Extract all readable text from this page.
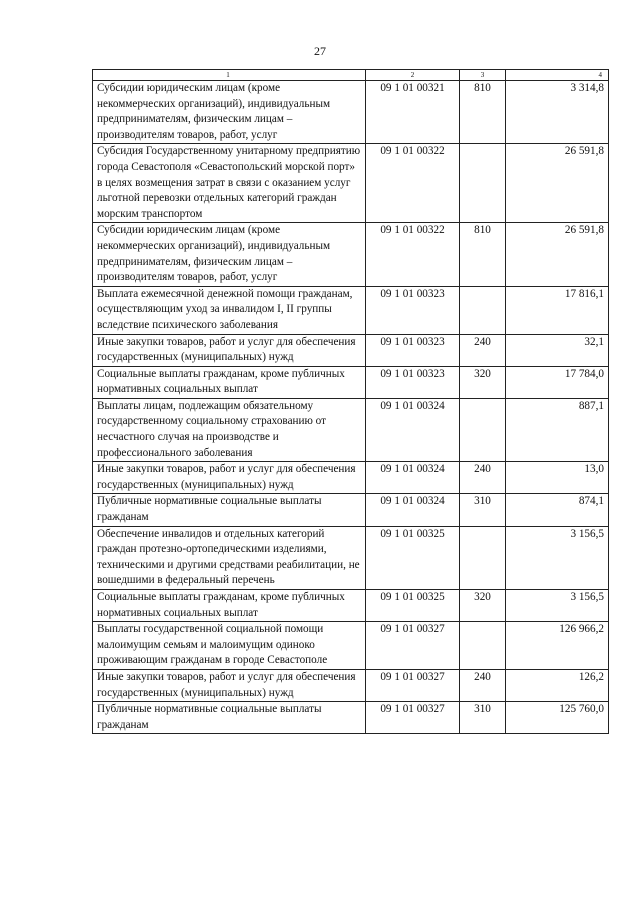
27
1	2	3	4
Субсидии юридическим лицам (кроме некоммерческих организаций), индивидуальным предпринимателям, физическим лицам – производителям товаров, работ, услуг	09 1 01 00321	810	3 314,8
Субсидия Государственному унитарному предприятию города Севастополя «Севастопольский морской порт» в целях возмещения затрат в связи с оказанием услуг льготной перевозки отдельных категорий граждан морским транспортом	09 1 01 00322		26 591,8
Субсидии юридическим лицам (кроме некоммерческих организаций), индивидуальным предпринимателям, физическим лицам – производителям товаров, работ, услуг	09 1 01 00322	810	26 591,8
Выплата ежемесячной денежной помощи гражданам, осуществляющим уход за инвалидом I, II группы вследствие психического заболевания	09 1 01 00323		17 816,1
Иные закупки товаров, работ и услуг для обеспечения государственных (муниципальных) нужд	09 1 01 00323	240	32,1
Социальные выплаты гражданам, кроме публичных нормативных социальных выплат	09 1 01 00323	320	17 784,0
Выплаты лицам, подлежащим обязательному государственному социальному страхованию от несчастного случая на производстве и профессионального заболевания	09 1 01 00324		887,1
Иные закупки товаров, работ и услуг для обеспечения государственных (муниципальных) нужд	09 1 01 00324	240	13,0
Публичные нормативные социальные выплаты гражданам	09 1 01 00324	310	874,1
Обеспечение инвалидов и отдельных категорий граждан протезно-ортопедическими изделиями, техническими и другими средствами реабилитации, не вошедшими в федеральный перечень	09 1 01 00325		3 156,5
Социальные выплаты гражданам, кроме публичных нормативных социальных выплат	09 1 01 00325	320	3 156,5
Выплаты государственной социальной помощи малоимущим семьям и малоимущим одиноко проживающим гражданам в городе Севастополе	09 1 01 00327		126 966,2
Иные закупки товаров, работ и услуг для обеспечения государственных (муниципальных) нужд	09 1 01 00327	240	126,2
Публичные нормативные социальные выплаты гражданам	09 1 01 00327	310	125 760,0
